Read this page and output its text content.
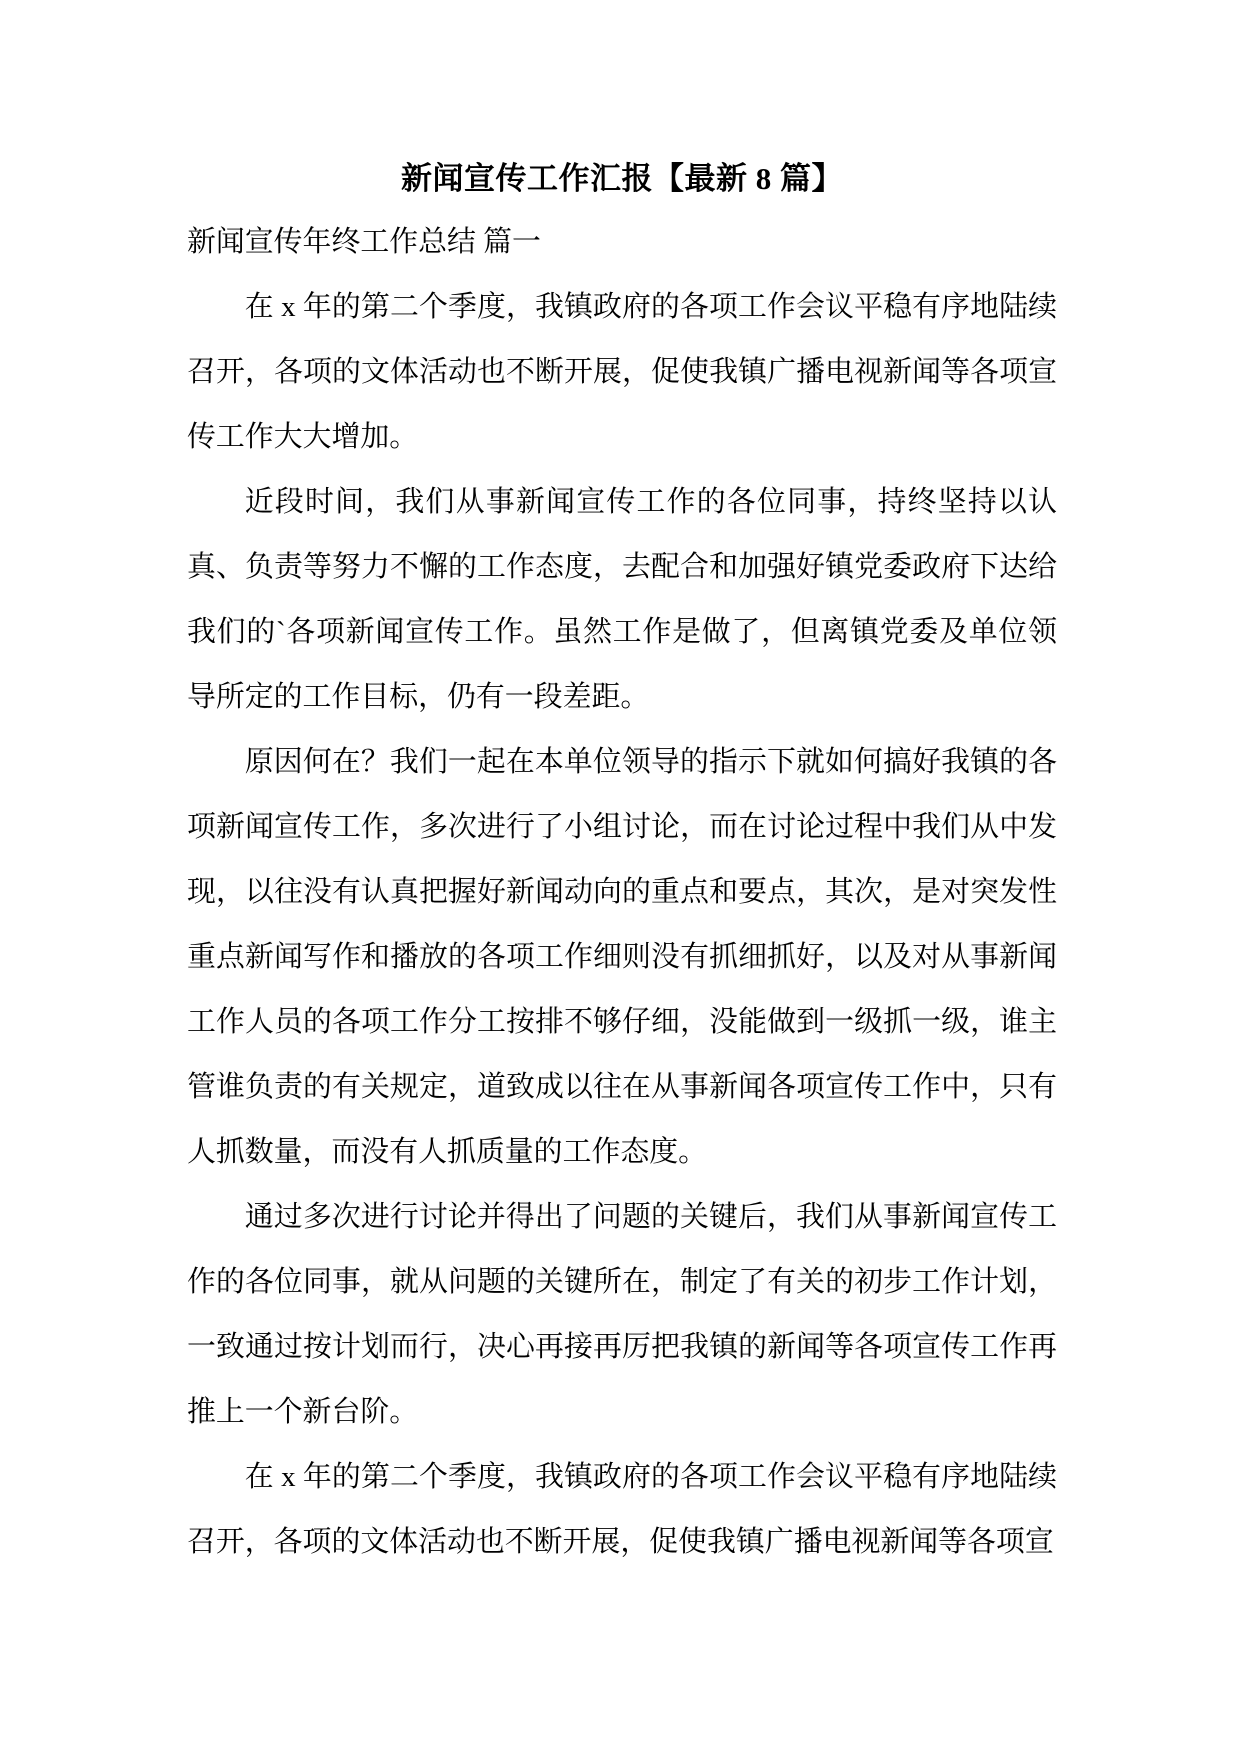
新闻宣传工作汇报【最新 8 篇】

新闻宣传年终工作总结 篇一

在 x 年的第二个季度，我镇政府的各项工作会议平稳有序地陆续召开，各项的文体活动也不断开展，促使我镇广播电视新闻等各项宣传工作大大增加。

近段时间，我们从事新闻宣传工作的各位同事，持终坚持以认真、负责等努力不懈的工作态度，去配合和加强好镇党委政府下达给我们的`各项新闻宣传工作。虽然工作是做了，但离镇党委及单位领导所定的工作目标，仍有一段差距。

原因何在？我们一起在本单位领导的指示下就如何搞好我镇的各项新闻宣传工作，多次进行了小组讨论，而在讨论过程中我们从中发现，以往没有认真把握好新闻动向的重点和要点，其次，是对突发性重点新闻写作和播放的各项工作细则没有抓细抓好，以及对从事新闻工作人员的各项工作分工按排不够仔细，没能做到一级抓一级，谁主管谁负责的有关规定，道致成以往在从事新闻各项宣传工作中，只有人抓数量，而没有人抓质量的工作态度。

通过多次进行讨论并得出了问题的关键后，我们从事新闻宣传工作的各位同事，就从问题的关键所在，制定了有关的初步工作计划，一致通过按计划而行，决心再接再厉把我镇的新闻等各项宣传工作再推上一个新台阶。

在 x 年的第二个季度，我镇政府的各项工作会议平稳有序地陆续召开，各项的文体活动也不断开展，促使我镇广播电视新闻等各项宣
